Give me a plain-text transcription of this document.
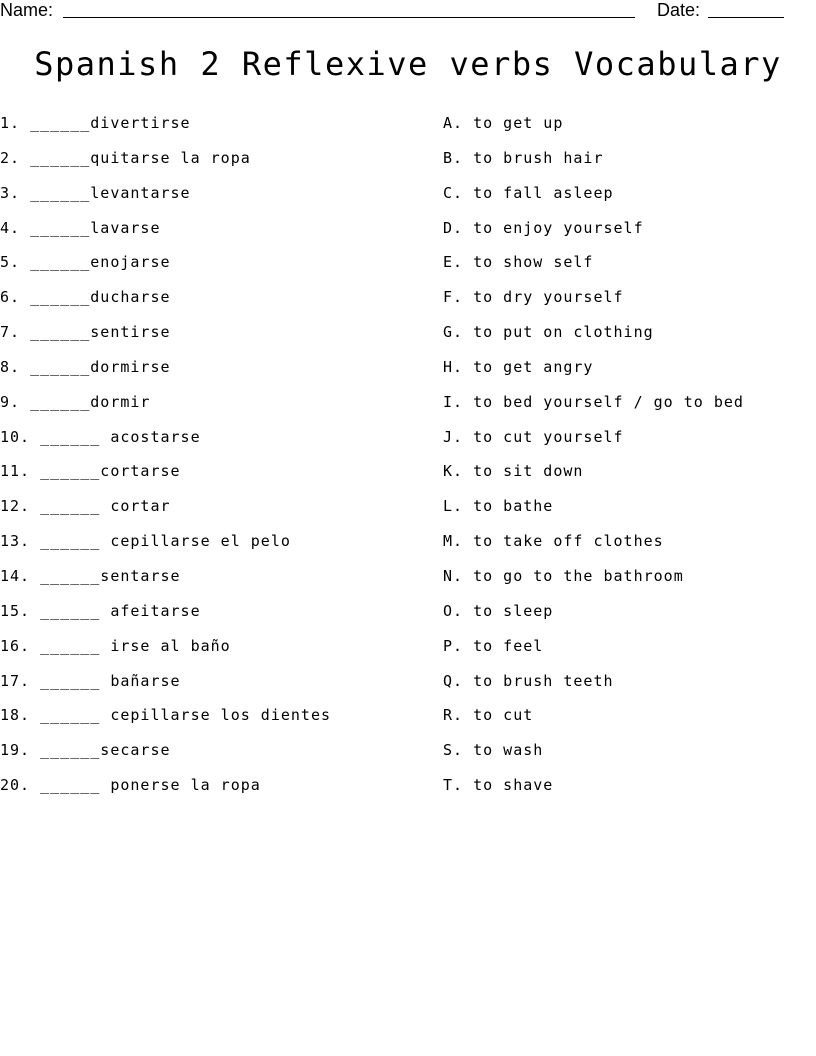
Name:	Date:
Spanish 2 Reflexive verbs Vocabulary
1. ______divertirse
2. ______quitarse la ropa
3. ______levantarse
4. ______lavarse
5. ______enojarse
6. ______ducharse
7. ______sentirse
8. ______dormirse
9. ______dormir
10. ______ acostarse
11. ______cortarse
12. ______ cortar
13. ______ cepillarse el pelo
14. ______sentarse
15. ______ afeitarse
16. ______ irse al baño
17. ______ bañarse
18. ______ cepillarse los dientes
19. ______secarse
20. ______ ponerse la ropa
A. to get up
B. to brush hair
C. to fall asleep
D. to enjoy yourself
E. to show self
F. to dry yourself
G. to put on clothing
H. to get angry
I. to bed yourself / go to bed
J. to cut yourself
K. to sit down
L. to bathe
M. to take off clothes
N. to go to the bathroom
O. to sleep
P. to feel
Q. to brush teeth
R. to cut
S. to wash
T. to shave
